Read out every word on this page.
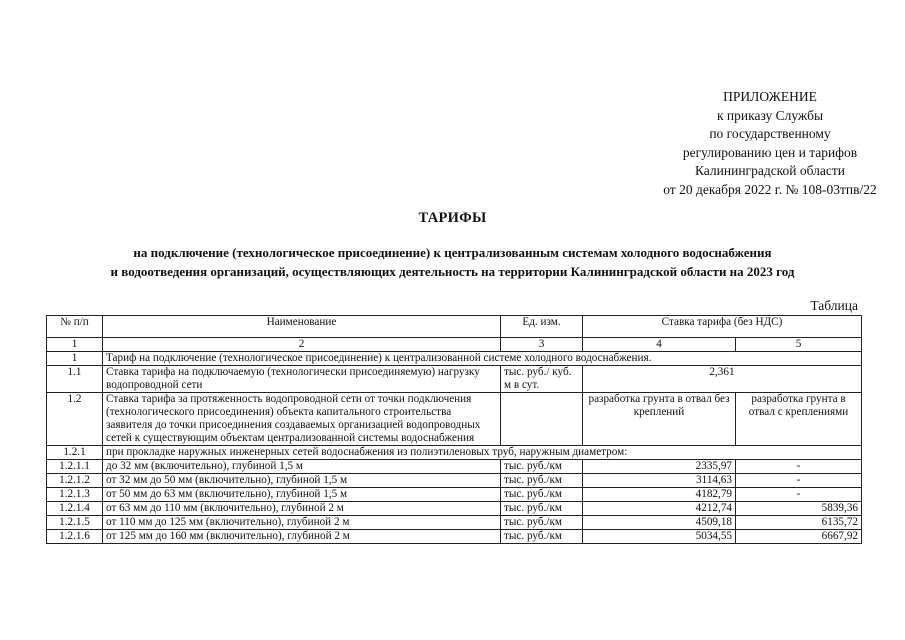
ПРИЛОЖЕНИЕ
к приказу Службы
по государственному
регулированию цен и тарифов
Калининградской области
от 20 декабря 2022 г. № 108-03тпв/22
ТАРИФЫ
на подключение (технологическое присоединение) к централизованным системам холодного водоснабжения
и водоотведения организаций, осуществляющих деятельность на территории Калининградской области на 2023 год
Таблица
№ п/п	Наименование	Ед. изм.	Ставка тарифа (без НДС)	
1	2	3	4	5
1	Тариф на подключение (технологическое присоединение) к централизованной системе холодного водоснабжения.			
1.1	Ставка тарифа на подключаемую (технологически присоединяемую) нагрузку водопроводной сети	тыс. руб./ куб. м в сут.	2,361	
1.2	Ставка тарифа за протяженность водопроводной сети от точки подключения (технологического присоединения) объекта капитального строительства заявителя до точки присоединения создаваемых организацией водопроводных сетей к существующим объектам централизованной системы водоснабжения		разработка грунта в отвал без креплений	разработка грунта в отвал с креплениями
1.2.1	при прокладке наружных инженерных сетей водоснабжения из полиэтиленовых труб, наружным диаметром:			
1.2.1.1	до 32 мм (включительно), глубиной 1,5 м	тыс. руб./км	2335,97	-
1.2.1.2	от 32 мм до 50 мм (включительно), глубиной 1,5 м	тыс. руб./км	3114,63	-
1.2.1.3	от 50 мм до 63 мм (включительно), глубиной 1,5 м	тыс. руб./км	4182,79	-
1.2.1.4	от 63 мм до 110 мм (включительно), глубиной 2 м	тыс. руб./км	4212,74	5839,36
1.2.1.5	от 110 мм до 125 мм (включительно), глубиной 2 м	тыс. руб./км	4509,18	6135,72
1.2.1.6	от 125 мм до 160 мм (включительно), глубиной 2 м	тыс. руб./км	5034,55	6667,92
